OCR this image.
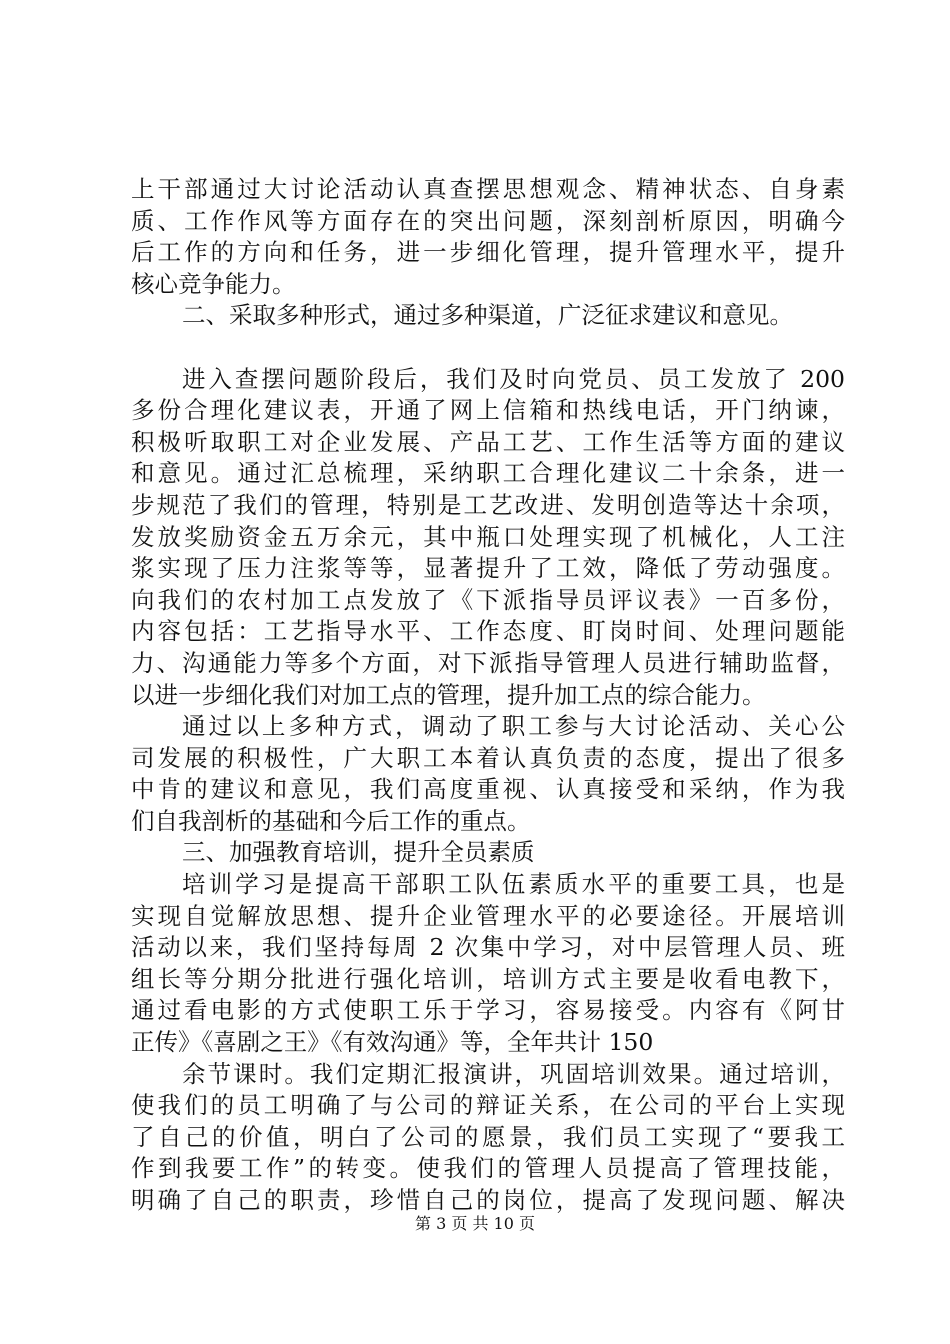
上干部通过大讨论活动认真查摆思想观念、精神状态、自身素
质、工作作风等方面存在的突出问题，深刻剖析原因，明确今
后工作的方向和任务，进一步细化管理，提升管理水平，提升
核心竞争能力。
二、采取多种形式，通过多种渠道，广泛征求建议和意见。
进入查摆问题阶段后，我们及时向党员、员工发放了 200
多份合理化建议表，开通了网上信箱和热线电话，开门纳谏，
积极听取职工对企业发展、产品工艺、工作生活等方面的建议
和意见。通过汇总梳理，采纳职工合理化建议二十余条，进一
步规范了我们的管理，特别是工艺改进、发明创造等达十余项，
发放奖励资金五万余元，其中瓶口处理实现了机械化，人工注
浆实现了压力注浆等等，显著提升了工效，降低了劳动强度。
向我们的农村加工点发放了《下派指导员评议表》一百多份，
内容包括：工艺指导水平、工作态度、盯岗时间、处理问题能
力、沟通能力等多个方面，对下派指导管理人员进行辅助监督，
以进一步细化我们对加工点的管理，提升加工点的综合能力。
通过以上多种方式，调动了职工参与大讨论活动、关心公
司发展的积极性，广大职工本着认真负责的态度，提出了很多
中肯的建议和意见，我们高度重视、认真接受和采纳，作为我
们自我剖析的基础和今后工作的重点。
三、加强教育培训，提升全员素质
培训学习是提高干部职工队伍素质水平的重要工具，也是
实现自觉解放思想、提升企业管理水平的必要途径。开展培训
活动以来，我们坚持每周 2 次集中学习，对中层管理人员、班
组长等分期分批进行强化培训，培训方式主要是收看电教下，
通过看电影的方式使职工乐于学习，容易接受。内容有《阿甘
正传》《喜剧之王》《有效沟通》等，全年共计 150
余节课时。我们定期汇报演讲，巩固培训效果。通过培训，
使我们的员工明确了与公司的辩证关系，在公司的平台上实现
了自己的价值，明白了公司的愿景，我们员工实现了“要我工
作到我要工作”的转变。使我们的管理人员提高了管理技能，
明确了自己的职责，珍惜自己的岗位，提高了发现问题、解决
第 3 页 共 10 页
